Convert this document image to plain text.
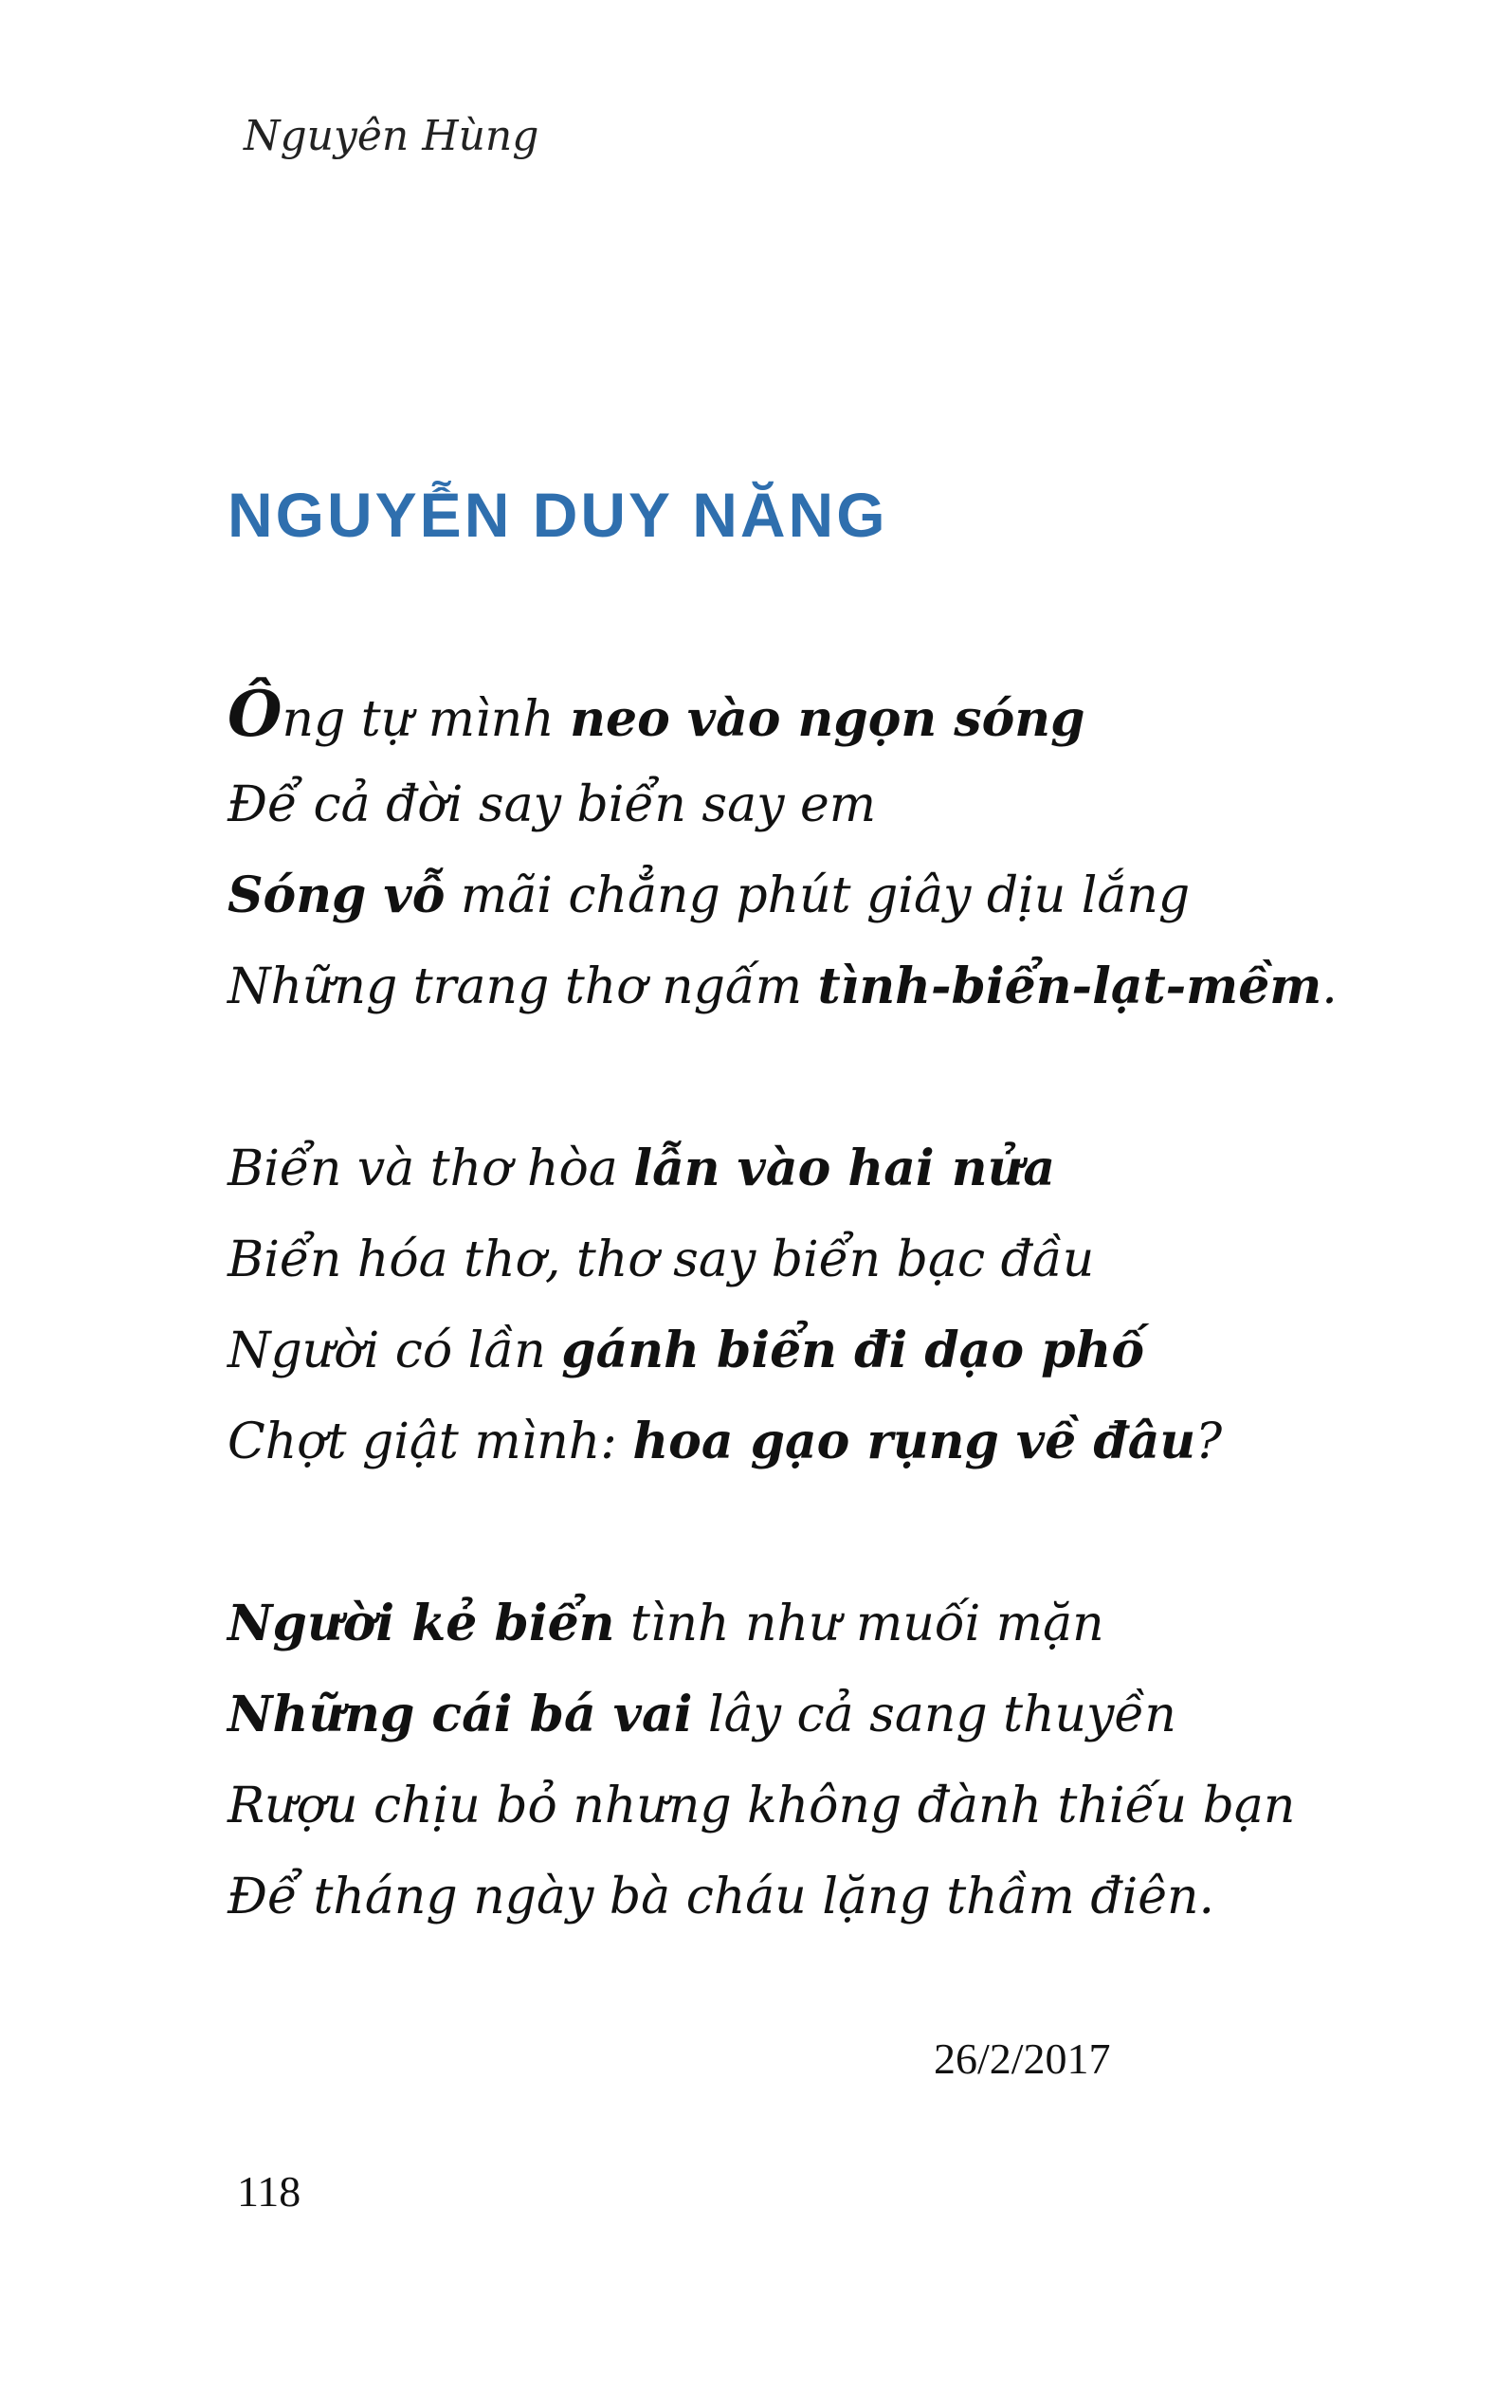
Nguyên Hùng
NGUYỄN DUY NĂNG
Ông tự mình neo vào ngọn sóng
Để cả đời say biển say em
Sóng vỗ mãi chẳng phút giây dịu lắng
Những trang thơ ngấm tình-biển-lạt-mềm.
Biển và thơ hòa lẫn vào hai nửa
Biển hóa thơ, thơ say biển bạc đầu
Người có lần gánh biển đi dạo phố
Chợt giật mình: hoa gạo rụng về đâu?
Người kẻ biển tình như muối mặn
Những cái bá vai lây cả sang thuyền
Rượu chịu bỏ nhưng không đành thiếu bạn
Để tháng ngày bà cháu lặng thầm điên.
26/2/2017
118
